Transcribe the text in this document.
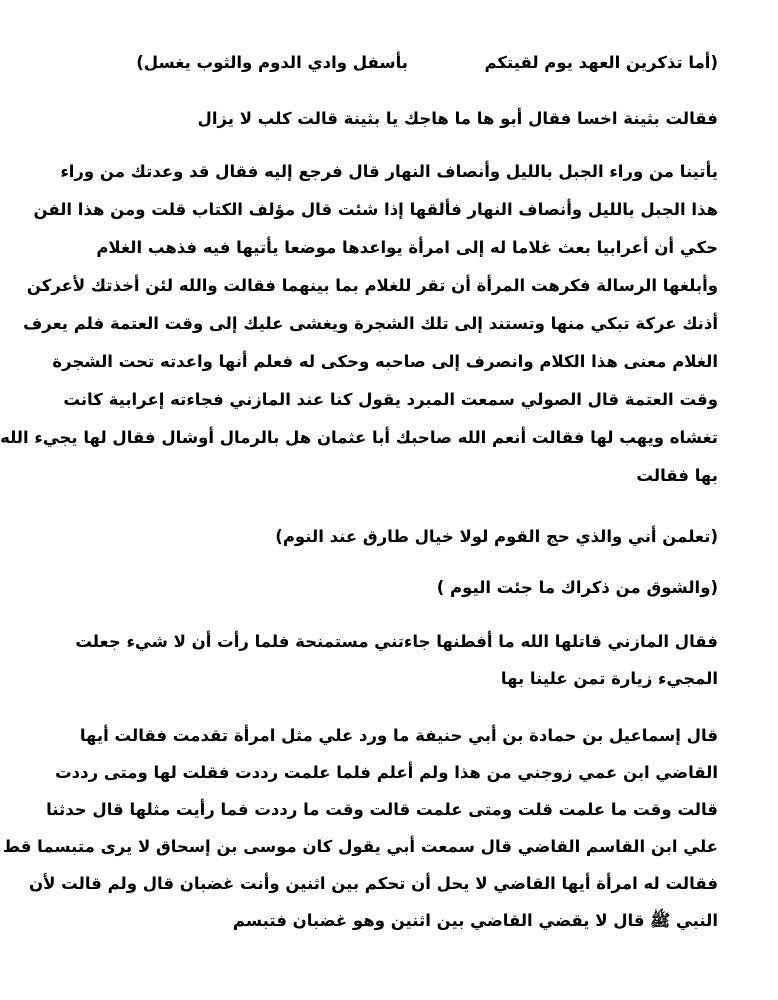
(أما تذكرين العهد يوم لقيتكم
بأسفل وادي الدوم والثوب يغسل)
فقالت بثينة اخسا فقال أبو ها ما هاجك يا بثينة قالت كلب لا يزال
يأتينا من وراء الجبل بالليل وأنصاف النهار قال فرجع إليه فقال قد وعدتك من وراء
هذا الجبل بالليل وأنصاف النهار فألقها إذا شئت قال مؤلف الكتاب قلت ومن هذا الفن
حكي أن أعرابيا بعث غلاما له إلى امرأة يواعدها موضعا يأتيها فيه فذهب الغلام
وأبلغها الرسالة فكرهت المرأة أن تقر للغلام بما بينهما فقالت والله لئن أخذتك لأعركن
أذنك عركة تبكي منها وتستند إلى تلك الشجرة ويغشى عليك إلى وقت العتمة فلم يعرف
الغلام معنى هذا الكلام وانصرف إلى صاحبه وحكى له فعلم أنها واعدته تحت الشجرة
وقت العتمة قال الصولي سمعت المبرد يقول كنا عند المازني فجاءته إعرابية كانت
تغشاه ويهب لها فقالت أنعم الله صاحبك أبا عثمان هل بالرمال أوشال فقال لها يجيء الله
بها فقالت
(تعلمن أني والذي حج القوم لولا خيال طارق عند النوم)
(والشوق من ذكراك ما جئت اليوم )
فقال المازني قاتلها الله ما أفطنها جاءتني مستمنحة فلما رأت أن لا شيء جعلت
المجيء زيارة تمن علينا بها
قال إسماعيل بن حمادة بن أبي حنيفة ما ورد علي مثل امرأة تقدمت فقالت أيها
القاضي ابن عمي زوجني من هذا ولم أعلم فلما علمت رددت فقلت لها ومتى رددت
قالت وقت ما علمت قلت ومتى علمت قالت وقت ما رددت فما رأيت مثلها قال حدثنا
علي ابن القاسم القاضي قال سمعت أبي يقول كان موسى بن إسحاق لا يرى متبسما قط
فقالت له امرأة أيها القاضي لا يحل أن تحكم بين اثنين وأنت غضبان قال ولم قالت لأن
النبي ﷺ قال لا يقضي القاضي بين اثنين وهو غضبان فتبسم
